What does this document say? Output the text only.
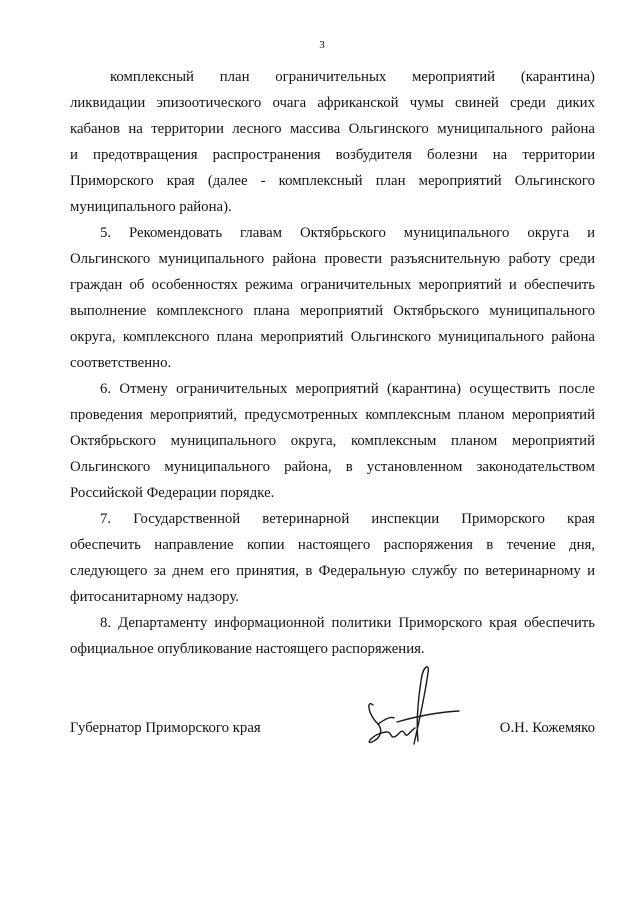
3
комплексный план ограничительных мероприятий (карантина)
ликвидации эпизоотического очага африканской чумы свиней среди диких
кабанов на территории лесного массива Ольгинского муниципального района
и предотвращения распространения возбудителя болезни на территории
Приморского края (далее - комплексный план мероприятий Ольгинского
муниципального района).
5. Рекомендовать главам Октябрьского муниципального округа и
Ольгинского муниципального района провести разъяснительную работу среди
граждан об особенностях режима ограничительных мероприятий и обеспечить
выполнение комплексного плана мероприятий Октябрьского муниципального
округа, комплексного плана мероприятий Ольгинского муниципального района
соответственно.
6. Отмену ограничительных мероприятий (карантина) осуществить после
проведения мероприятий, предусмотренных комплексным планом мероприятий
Октябрьского муниципального округа, комплексным планом мероприятий
Ольгинского муниципального района, в установленном законодательством
Российской Федерации порядке.
7. Государственной ветеринарной инспекции Приморского края
обеспечить направление копии настоящего распоряжения в течение дня,
следующего за днем его принятия, в Федеральную службу по ветеринарному и
фитосанитарному надзору.
8. Департаменту информационной политики Приморского края обеспечить
официальное опубликование настоящего распоряжения.
Губернатор Приморского края	О.Н. Кожемяко
